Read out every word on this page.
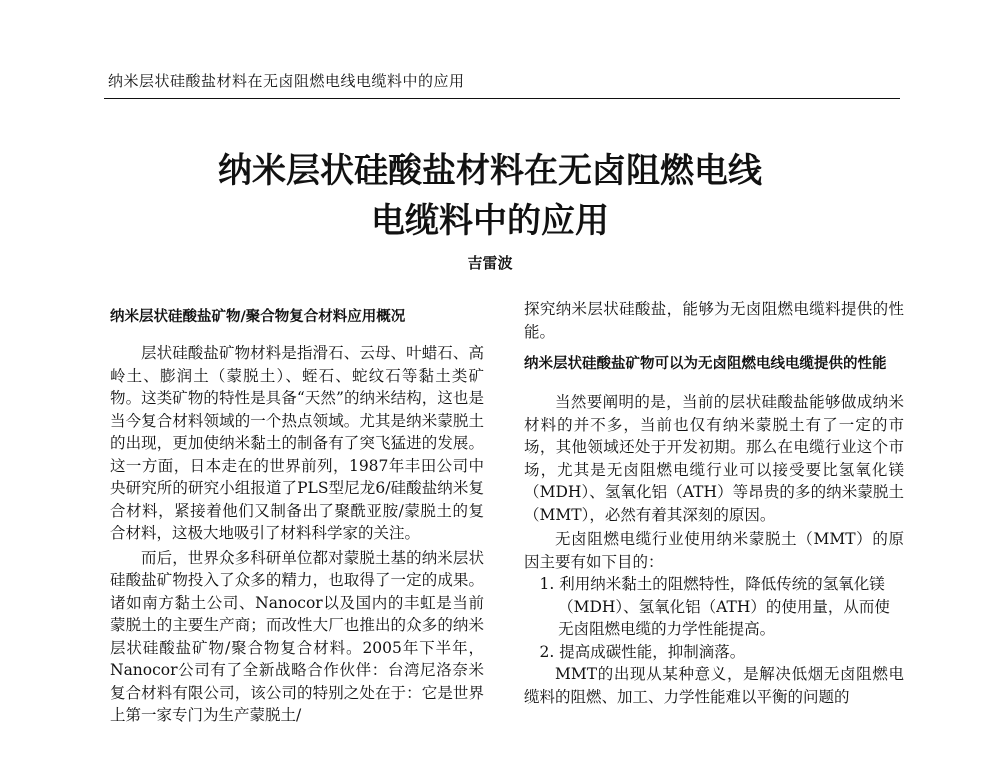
纳米层状硅酸盐材料在无卤阻燃电线电缆料中的应用
纳米层状硅酸盐材料在无卤阻燃电线
电缆料中的应用
吉雷波
纳米层状硅酸盐矿物/聚合物复合材料应用概况

层状硅酸盐矿物材料是指滑石、云母、叶蜡石、高岭土、膨润土（蒙脱土）、蛭石、蛇纹石等黏土类矿物。这类矿物的特性是具备“天然”的纳米结构，这也是当今复合材料领域的一个热点领域。尤其是纳米蒙脱土的出现，更加使纳米黏土的制备有了突飞猛进的发展。这一方面，日本走在的世界前列，1987年丰田公司中央研究所的研究小组报道了PLS型尼龙6/硅酸盐纳米复合材料，紧接着他们又制备出了聚酰亚胺/蒙脱土的复合材料，这极大地吸引了材料科学家的关注。

而后，世界众多科研单位都对蒙脱土基的纳米层状硅酸盐矿物投入了众多的精力，也取得了一定的成果。诸如南方黏土公司、Nanocor以及国内的丰虹是当前蒙脱土的主要生产商；而改性大厂也推出的众多的纳米层状硅酸盐矿物/聚合物复合材料。2005年下半年，Nanocor公司有了全新战略合作伙伴：台湾尼洛奈米复合材料有限公司，该公司的特别之处在于：它是世界上第一家专门为生产蒙脱土/

探究纳米层状硅酸盐，能够为无卤阻燃电缆料提供的性能。

纳米层状硅酸盐矿物可以为无卤阻燃电线电缆提供的性能

当然要阐明的是，当前的层状硅酸盐能够做成纳米材料的并不多，当前也仅有纳米蒙脱土有了一定的市场，其他领域还处于开发初期。那么在电缆行业这个市场，尤其是无卤阻燃电缆行业可以接受要比氢氧化镁（MDH）、氢氧化铝（ATH）等昂贵的多的纳米蒙脱土（MMT），必然有着其深刻的原因。

无卤阻燃电缆行业使用纳米蒙脱土（MMT）的原因主要有如下目的：

1. 利用纳米黏土的阻燃特性，降低传统的氢氧化镁（MDH）、氢氧化铝（ATH）的使用量，从而使无卤阻燃电缆的力学性能提高。

2. 提高成碳性能，抑制滴落。

MMT的出现从某种意义，是解决低烟无卤阻燃电缆料的阻燃、加工、力学性能难以平衡的问题的
